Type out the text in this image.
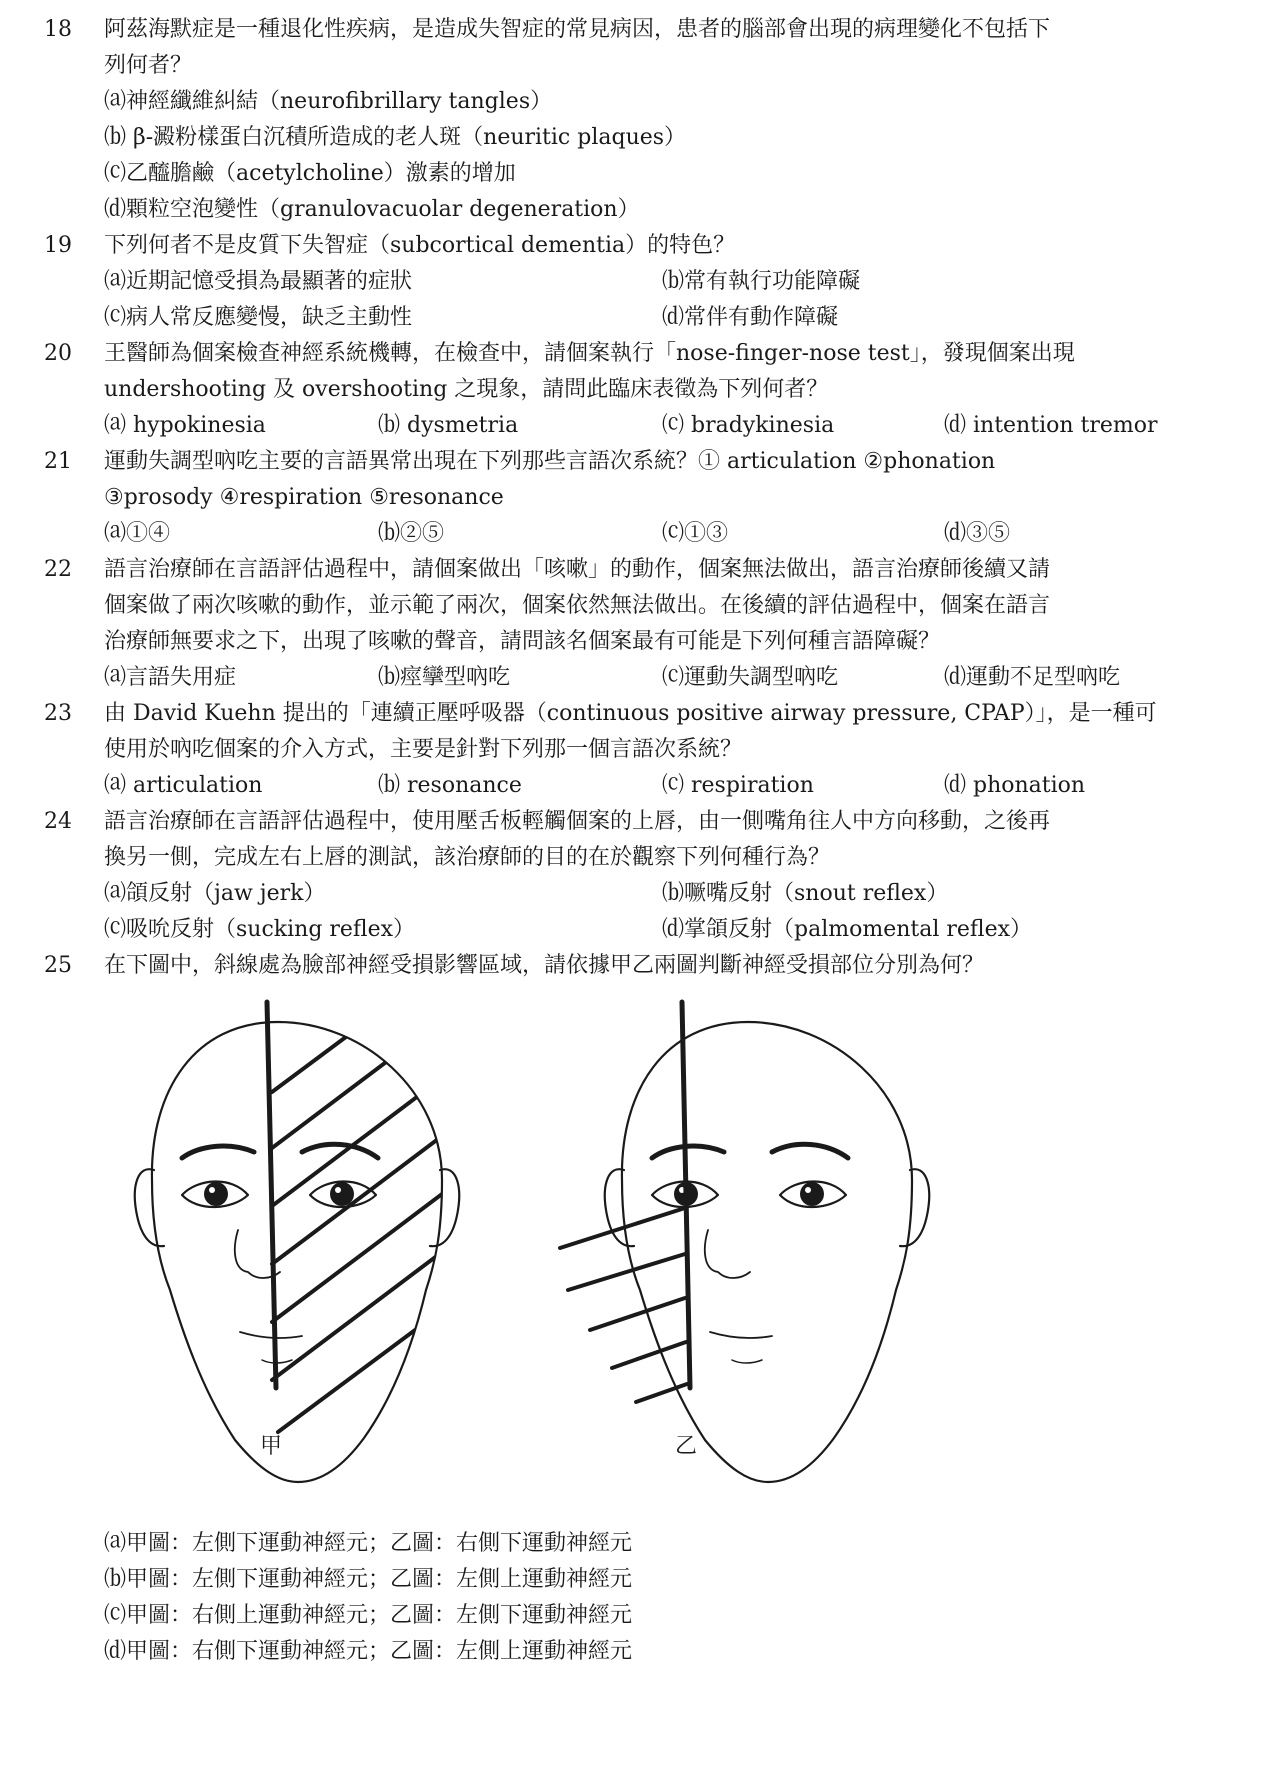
18 阿茲海默症是一種退化性疾病，是造成失智症的常見病因，患者的腦部會出現的病理變化不包括下
列何者？
⒜神經纖維糾結（neurofibrillary tangles）
⒝ β-澱粉樣蛋白沉積所造成的老人斑（neuritic plaques）
⒞乙醯膽鹼（acetylcholine）激素的增加
⒟顆粒空泡變性（granulovacuolar degeneration）
19 下列何者不是皮質下失智症（subcortical dementia）的特色？
⒜近期記憶受損為最顯著的症狀	⒝常有執行功能障礙
⒞病人常反應變慢，缺乏主動性	⒟常伴有動作障礙
20 王醫師為個案檢查神經系統機轉，在檢查中，請個案執行「nose-finger-nose test」，發現個案出現
undershooting 及 overshooting 之現象，請問此臨床表徵為下列何者？
⒜ hypokinesia	⒝ dysmetria	⒞ bradykinesia	⒟ intention tremor
21 運動失調型吶吃主要的言語異常出現在下列那些言語次系統？① articulation ②phonation
③prosody ④respiration ⑤resonance
⒜①④	⒝②⑤	⒞①③	⒟③⑤
22 語言治療師在言語評估過程中，請個案做出「咳嗽」的動作，個案無法做出，語言治療師後續又請
個案做了兩次咳嗽的動作，並示範了兩次，個案依然無法做出。在後續的評估過程中，個案在語言
治療師無要求之下，出現了咳嗽的聲音，請問該名個案最有可能是下列何種言語障礙？
⒜言語失用症	⒝痙攣型吶吃	⒞運動失調型吶吃	⒟運動不足型吶吃
23 由 David Kuehn 提出的「連續正壓呼吸器（continuous positive airway pressure, CPAP）」，是一種可
使用於吶吃個案的介入方式，主要是針對下列那一個言語次系統？
⒜ articulation	⒝ resonance	⒞ respiration	⒟ phonation
24 語言治療師在言語評估過程中，使用壓舌板輕觸個案的上唇，由一側嘴角往人中方向移動，之後再
換另一側，完成左右上唇的測試，該治療師的目的在於觀察下列何種行為？
⒜頜反射（jaw jerk）	⒝噘嘴反射（snout reflex）
⒞吸吮反射（sucking reflex）	⒟掌頜反射（palmomental reflex）
25 在下圖中，斜線處為臉部神經受損影響區域，請依據甲乙兩圖判斷神經受損部位分別為何？
甲	乙
⒜甲圖：左側下運動神經元；乙圖：右側下運動神經元
⒝甲圖：左側下運動神經元；乙圖：左側上運動神經元
⒞甲圖：右側上運動神經元；乙圖：左側下運動神經元
⒟甲圖：右側下運動神經元；乙圖：左側上運動神經元
